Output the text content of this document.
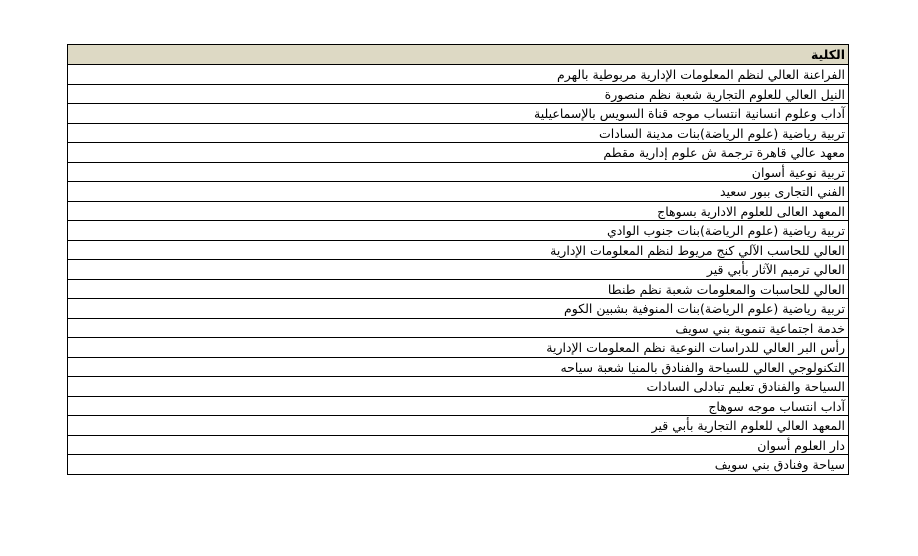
الكلية
الفراعنة العالي لنظم المعلومات الإدارية مربوطية بالهرم
النيل العالي للعلوم التجارية شعبة نظم منصورة
آداب وعلوم انسانية انتساب موجه قناة السويس بالإسماعيلية
تربية رياضية (علوم الرياضة)بنات مدينة السادات
معهد عالي قاهرة ترجمة ش علوم إدارية مقطم
تربية نوعية أسوان
الفني التجارى ببور سعيد
المعهد العالى للعلوم الادارية بسوهاج
تربية رياضية (علوم الرياضة)بنات جنوب الوادي
العالي للحاسب الآلي كنج مريوط لنظم المعلومات الإدارية
العالي ترميم الآثار بأبي قير
العالي للحاسبات والمعلومات شعبة نظم طنطا
تربية رياضية (علوم الرياضة)بنات المنوفية بشبين الكوم
خدمة اجتماعية تنموية بني سويف
رأس البر العالي للدراسات النوعية نظم المعلومات الإدارية
التكنولوجي العالي للسياحة والفنادق بالمنيا شعبة سياحه
السياحة والفنادق تعليم تبادلى السادات
آداب انتساب موجه سوهاج
المعهد العالي للعلوم التجارية بأبي قير
دار العلوم أسوان
سياحة وفنادق بني سويف
